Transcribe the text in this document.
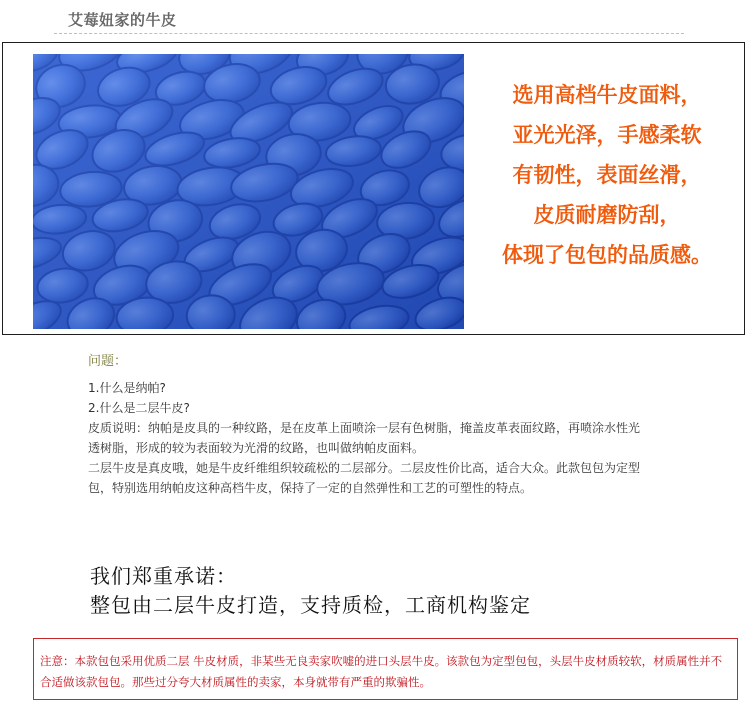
艾莓妞家的牛皮
选用高档牛皮面料，
亚光光泽，手感柔软
有韧性，表面丝滑，
皮质耐磨防刮，
体现了包包的品质感。
问题：
1.什么是纳帕?
2.什么是二层牛皮?
皮质说明：纳帕是皮具的一种纹路，是在皮革上面喷涂一层有色树脂，掩盖皮革表面纹路，再喷涂水性光透树脂，形成的较为表面较为光滑的纹路，也叫做纳帕皮面料。
二层牛皮是真皮哦，她是牛皮纤维组织较疏松的二层部分。二层皮性价比高，适合大众。此款包包为定型包，特别选用纳帕皮这种高档牛皮，保持了一定的自然弹性和工艺的可塑性的特点。
我们郑重承诺：
整包由二层牛皮打造，支持质检，工商机构鉴定
注意：本款包包采用优质二层 牛皮材质，非某些无良卖家吹嘘的进口头层牛皮。该款包为定型包包，头层牛皮材质较软，材质属性并不合适做该款包包。那些过分夸大材质属性的卖家，本身就带有严重的欺骗性。
